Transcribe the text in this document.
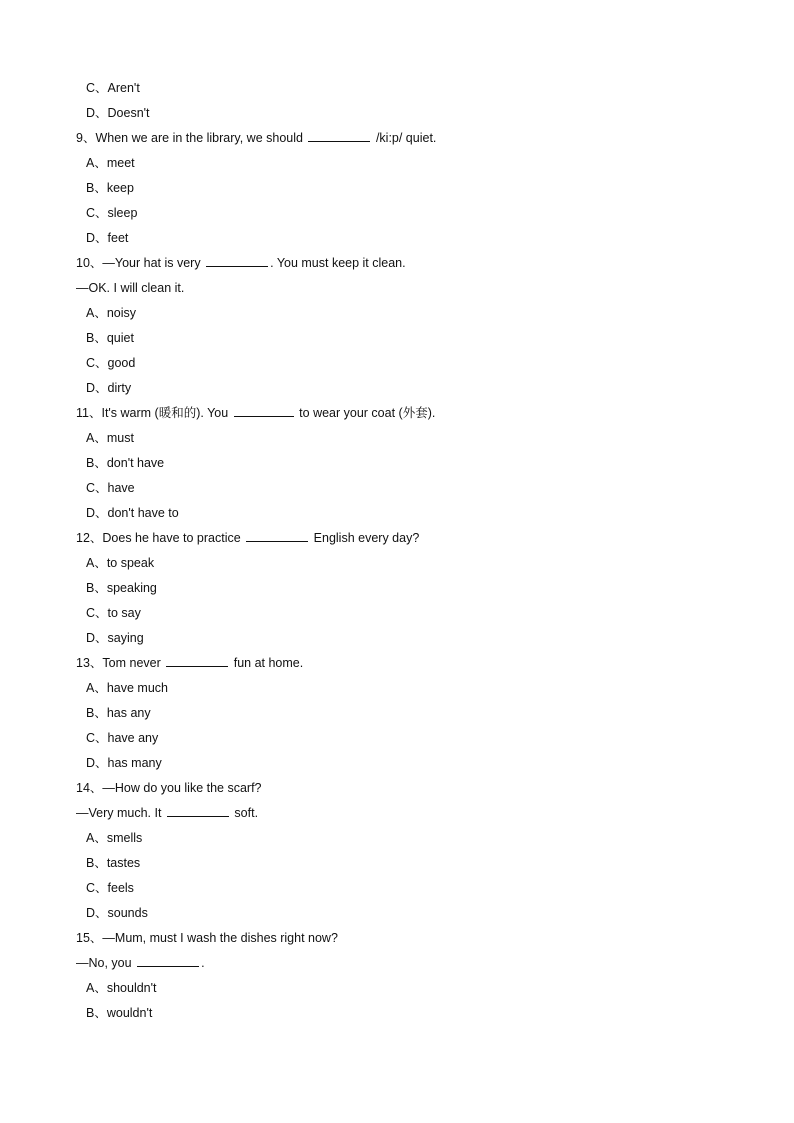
C、Aren't
D、Doesn't
9、When we are in the library, we should	/ki:p/ quiet.
A、meet
B、keep
C、sleep
D、feet
10、—Your hat is very	. You must keep it clean.
—OK. I will clean it.
A、noisy
B、quiet
C、good
D、dirty
11、It's warm (暖和的). You	to wear your coat (外套).
A、must
B、don't have
C、have
D、don't have to
12、Does he have to practice	English every day?
A、to speak
B、speaking
C、to say
D、saying
13、Tom never	fun at home.
A、have much
B、has any
C、have any
D、has many
14、—How do you like the scarf?
—Very much. It	soft.
A、smells
B、tastes
C、feels
D、sounds
15、—Mum, must I wash the dishes right now?
—No, you	.
A、shouldn't
B、wouldn't
